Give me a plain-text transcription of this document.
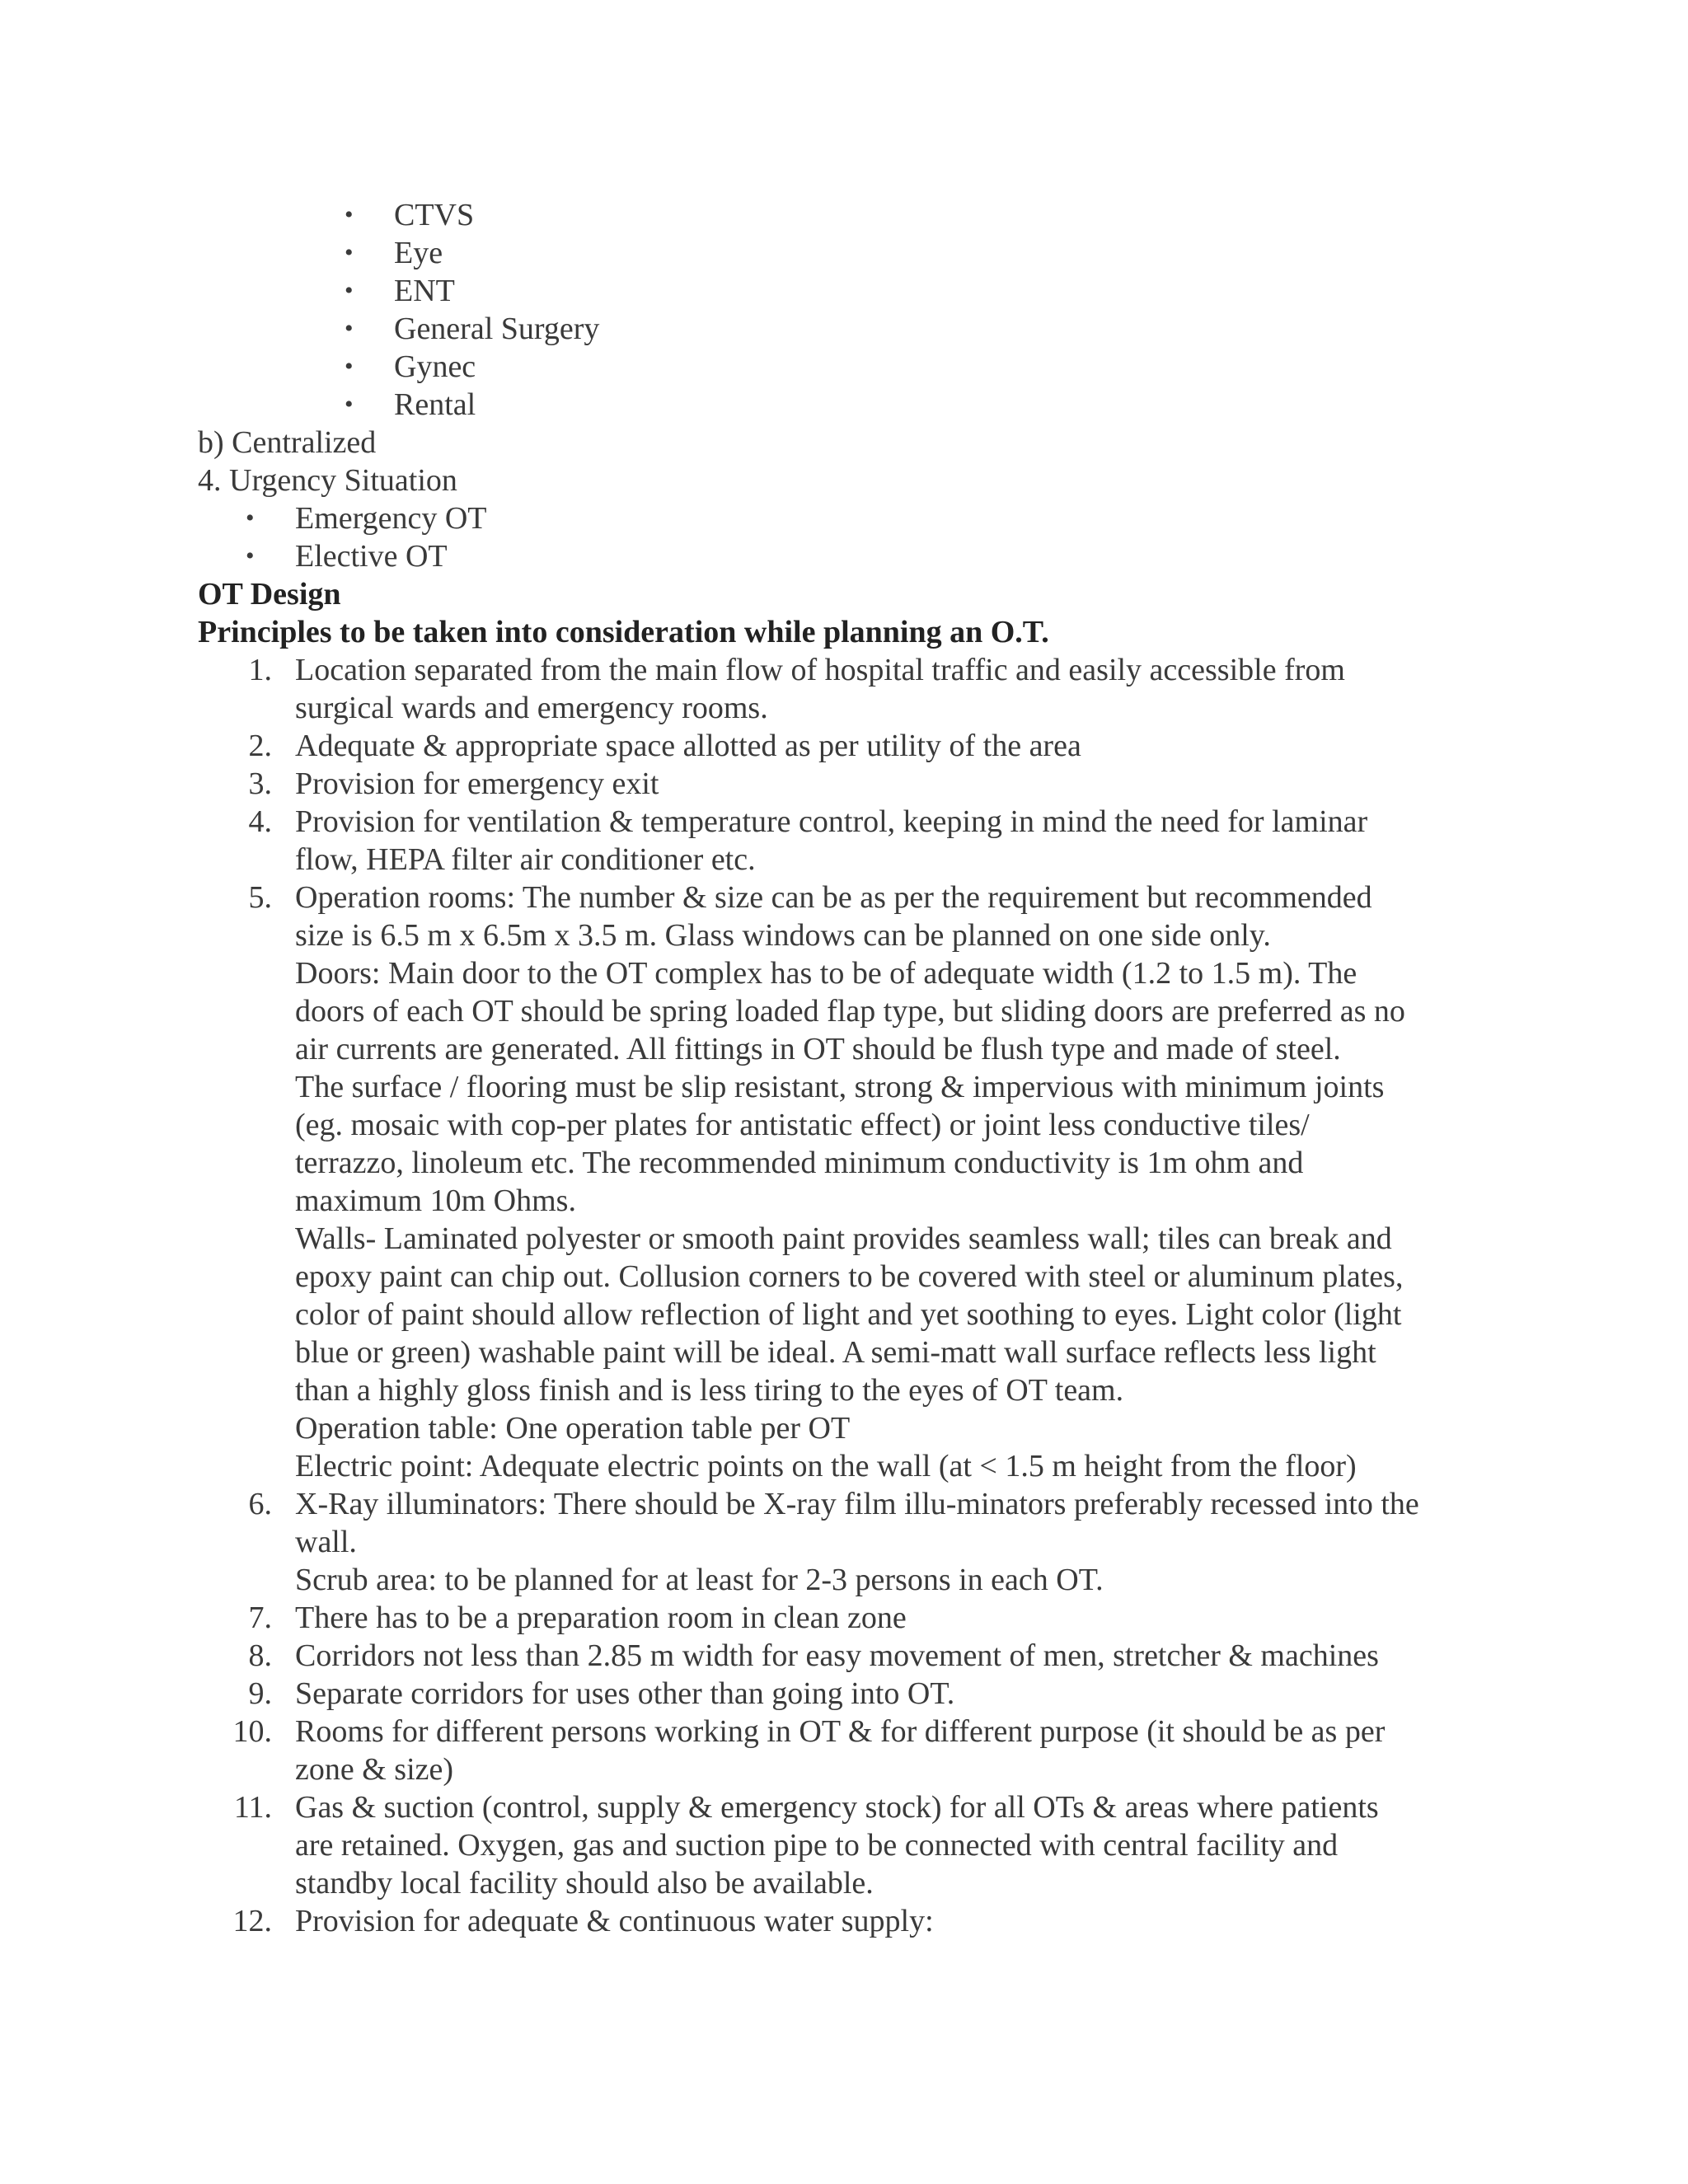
• CTVS
• Eye
• ENT
• General Surgery
• Gynec
• Rental
b) Centralized
4. Urgency Situation
• Emergency OT
• Elective OT
OT Design
Principles to be taken into consideration while planning an O.T.
1. Location separated from the main flow of hospital traffic and easily accessible from
surgical wards and emergency rooms.
2. Adequate & appropriate space allotted as per utility of the area
3. Provision for emergency exit
4. Provision for ventilation & temperature control, keeping in mind the need for laminar
flow, HEPA filter air conditioner etc.
5. Operation rooms: The number & size can be as per the requirement but recommended
size is 6.5 m x 6.5m x 3.5 m. Glass windows can be planned on one side only.
Doors: Main door to the OT complex has to be of adequate width (1.2 to 1.5 m). The
doors of each OT should be spring loaded flap type, but sliding doors are preferred as no
air currents are generated. All fittings in OT should be flush type and made of steel.
The surface / flooring must be slip resistant, strong & impervious with minimum joints
(eg. mosaic with cop-per plates for antistatic effect) or joint less conductive tiles/
terrazzo, linoleum etc. The recommended minimum conductivity is 1m ohm and
maximum 10m Ohms.
Walls- Laminated polyester or smooth paint provides seamless wall; tiles can break and
epoxy paint can chip out. Collusion corners to be covered with steel or aluminum plates,
color of paint should allow reflection of light and yet soothing to eyes. Light color (light
blue or green) washable paint will be ideal. A semi-matt wall surface reflects less light
than a highly gloss finish and is less tiring to the eyes of OT team.
Operation table: One operation table per OT
Electric point: Adequate electric points on the wall (at < 1.5 m height from the floor)
6. X-Ray illuminators: There should be X-ray film illu-minators preferably recessed into the
wall.
Scrub area: to be planned for at least for 2-3 persons in each OT.
7. There has to be a preparation room in clean zone
8. Corridors not less than 2.85 m width for easy movement of men, stretcher & machines
9. Separate corridors for uses other than going into OT.
10. Rooms for different persons working in OT & for different purpose (it should be as per
zone & size)
11. Gas & suction (control, supply & emergency stock) for all OTs & areas where patients
are retained. Oxygen, gas and suction pipe to be connected with central facility and
standby local facility should also be available.
12. Provision for adequate & continuous water supply:
